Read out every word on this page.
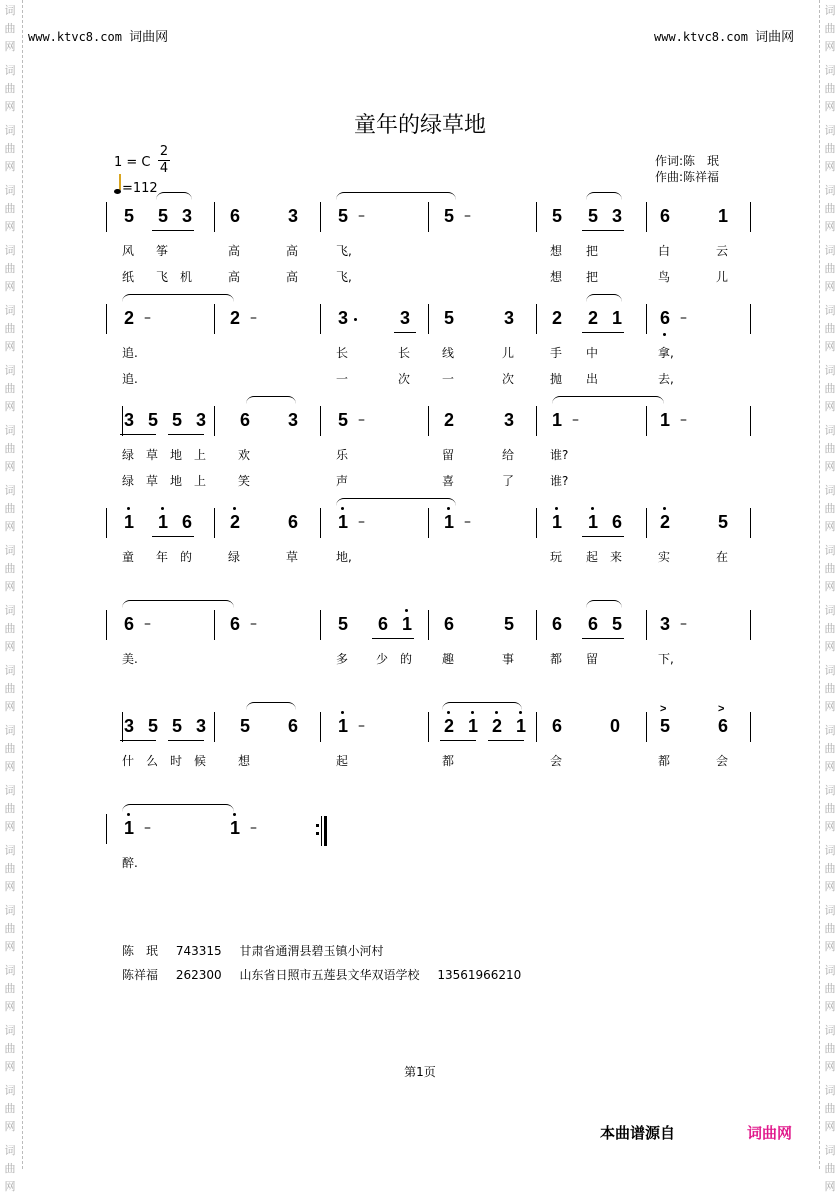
词
曲
网
词
曲
网
词
曲
网
词
曲
网
词
曲
网
词
曲
网
词
曲
网
词
曲
网
词
曲
网
词
曲
网
词
曲
网
词
曲
网
词
曲
网
词
曲
网
词
曲
网
词
曲
网
词
曲
网
词
曲
网
词
曲
网
词
曲
网
词
曲
网
词
曲
网
词
曲
网
词
曲
网
词
曲
网
词
曲
网
词
曲
网
词
曲
网
词
曲
网
词
曲
网
词
曲
网
词
曲
网
词
曲
网
词
曲
网
词
曲
网
词
曲
网
词
曲
网
词
曲
网
词
曲
网
词
曲
网
www.ktvc8.com 词曲网	www.ktvc8.com 词曲网
童年的绿草地
1 = C
2
4
=112
作词:陈　珉
作曲:陈祥福
5 5 3 6	3 5 –	5 –	5 5 3 6	1
风 筝	高	高	飞,	想 把	白	云
纸 飞 机	高	高	飞,	想 把	鸟	儿
2 –	2 –	3	3 5	3 2 2 1 6 –
追.	长	长	线	儿	手 中	拿,
追.	一	次	一	次	抛 出	去,
3 5 5 3 6 3 5 –	2	3 1 –	1 –
绿 草 地 上	欢	乐	留	给	谁?
绿 草 地 上	笑	声	喜	了	谁?
1 1 6 2	6 1 –	1 –	1 1 6 2	5
童 年 的	绿	草	地,	玩 起 来	实	在
6 –	6 –	5 6 1 6	5 6 6 5 3 –
美.	多 少 的 趣	事	都 留	下,
3 5 5 3 5 6 1 –	2 1 2 1 6	0 5
>
6
>
什 么 时 候	想	起	都	会	都	会
1 –	1 –
醉.
陈　珉 743315 甘肃省通渭县碧玉镇小河村
陈祥福 262300 山东省日照市五莲县文华双语学校 13561966210
第1页
本曲谱源自	词曲网
